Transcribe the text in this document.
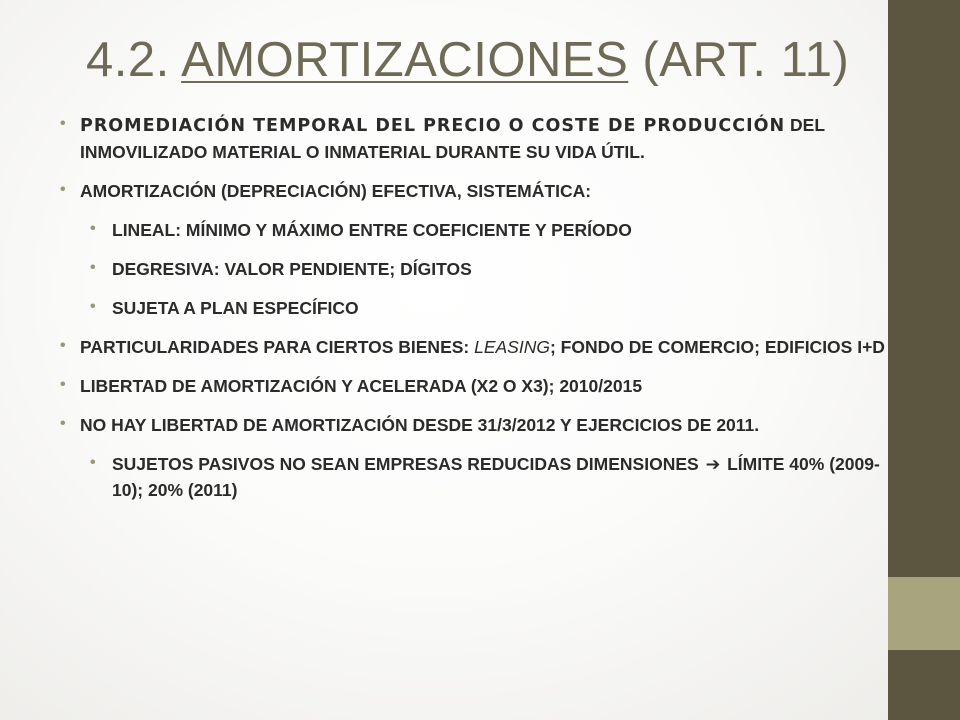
4.2. AMORTIZACIONES (ART. 11)

• PROMEDIACIÓN TEMPORAL DEL PRECIO O COSTE DE PRODUCCIÓN DEL INMOVILIZADO MATERIAL O INMATERIAL DURANTE SU VIDA ÚTIL.

• AMORTIZACIÓN (DEPRECIACIÓN) EFECTIVA, SISTEMÁTICA:

• LINEAL: MÍNIMO Y MÁXIMO ENTRE COEFICIENTE Y PERÍODO

• DEGRESIVA: VALOR PENDIENTE; DÍGITOS

• SUJETA A PLAN ESPECÍFICO

• PARTICULARIDADES PARA CIERTOS BIENES: LEASING; FONDO DE COMERCIO; EDIFICIOS I+D

• LIBERTAD DE AMORTIZACIÓN Y ACELERADA (X2 O X3); 2010/2015

• NO HAY LIBERTAD DE AMORTIZACIÓN DESDE 31/3/2012 Y EJERCICIOS DE 2011.

• SUJETOS PASIVOS NO SEAN EMPRESAS REDUCIDAS DIMENSIONES ➔ LÍMITE 40% (2009-10); 20% (2011)
